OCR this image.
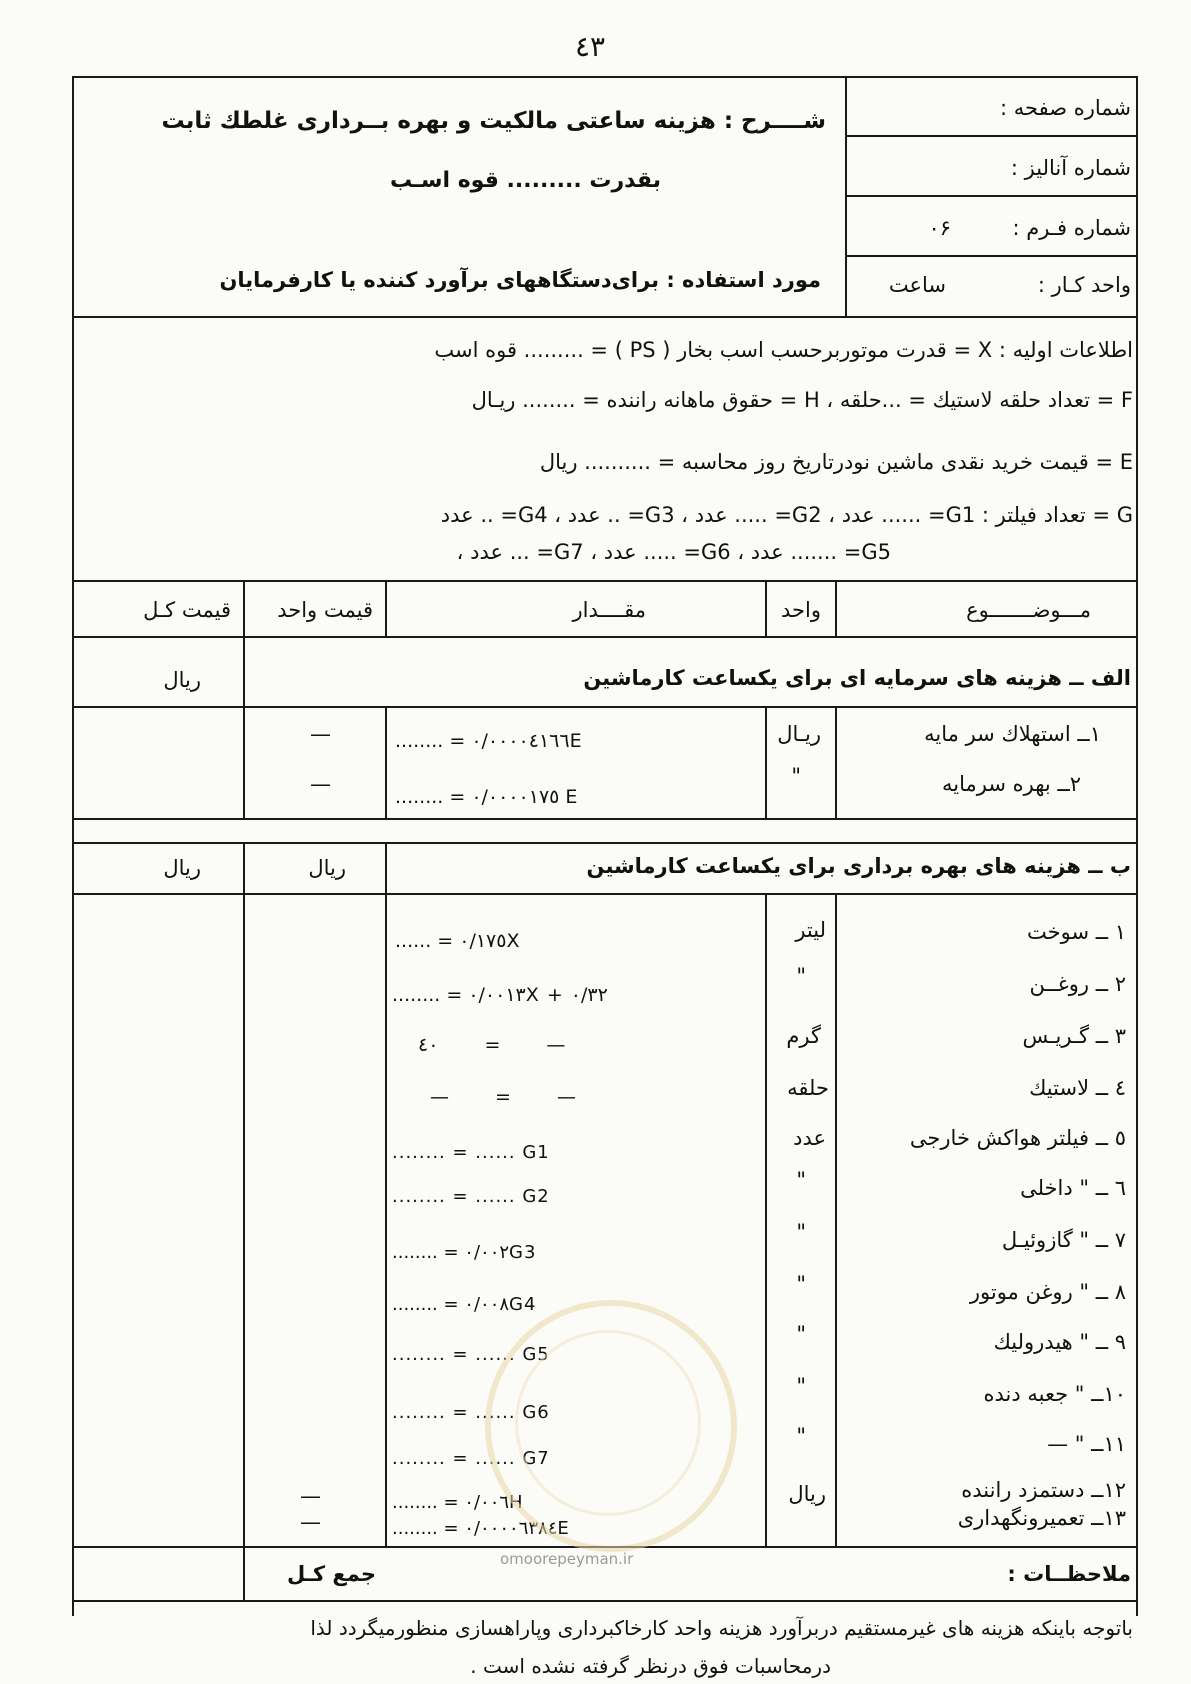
٤٣
شــــرح : هزینه ساعتی مالکیت و بهره بــرداری غلطك ثابت
بقدرت ......... قوه اسـب
مورد استفاده : برای‌دستگاههای برآورد کننده یا کارفرمایان
شماره صفحه :
شماره آنالیز :
شماره فـرم :
۰۶
واحد کـار :
ساعت
اطلاعات اولیه : X = قدرت موتوربرحسب اسب بخار ( PS ) = ......... قوه اسب
F = تعداد حلقه لاستیك = ...حلقه ، H = حقوق ماهانه راننده = ........ ریـال
E = قیمت خرید نقدی ماشین نودرتاریخ روز محاسبه = .......... ریال
G = تعداد فیلتر : G1= ...... عدد ، G2= ..... عدد ، G3= .. عدد ، G4= .. عدد
G5= ....... عدد ، G6= ..... عدد ، G7= ... عدد ،
مـــوضـــــــوع
واحد
مقــــدار
قیمت واحد
قیمت کـل
الف ــ هزینه های سرمایه ای برای یکساعت کارماشین
ریال
۱ــ استهلاك سر مایه
ریـال
........ = ۰/۰۰۰۰٤١٦٦E
—
۲ــ بهره سرمایه
"
........ = ۰/۰۰۰۰١٧٥ E
—
ب ــ هزینه های بهره برداری برای یکساعت کارماشین
ریال
ریال
۱ ــ سوخت
لیتر
...... = ۰/١٧٥X
۲ ــ روغــن
"
........ = ۰/۰۰١٣X + ۰/٣٢
۳ ــ گـریـس
گرم
٤۰ = —
٤ ــ لاستیك
حلقه
— = —
٥ ــ فیلتر هواکش خارجی
عدد
........ = ...... G1
٦ ــ " داخلی
"
........ = ...... G2
٧ ــ " گازوئیـل
"
........ = ۰/۰۰٢G3
٨ ــ " روغن موتور
"
........ = ۰/۰۰٨G4
٩ ــ " هیدرولیك
"
........ = ...... G5
۱۰ــ " جعبه دنده
"
........ = ...... G6
۱۱ــ " —
"
........ = ...... G7
۱۲ــ دستمزد راننده
ریال
........ = ۰/۰۰٦H
—
۱۳ــ تعمیرونگهداری
........ = ۰/۰۰۰۰٦٣٨٤E
—
جمع کـل	ملاحظــات :
باتوجه باینکه هزینه های غیرمستقیم دربرآورد هزینه واحد کارخاکبرداری وپاراهسازی منظورمیگردد لذا
درمحاسبات فوق درنظر گرفته نشده است .
omoorepeyman.ir
